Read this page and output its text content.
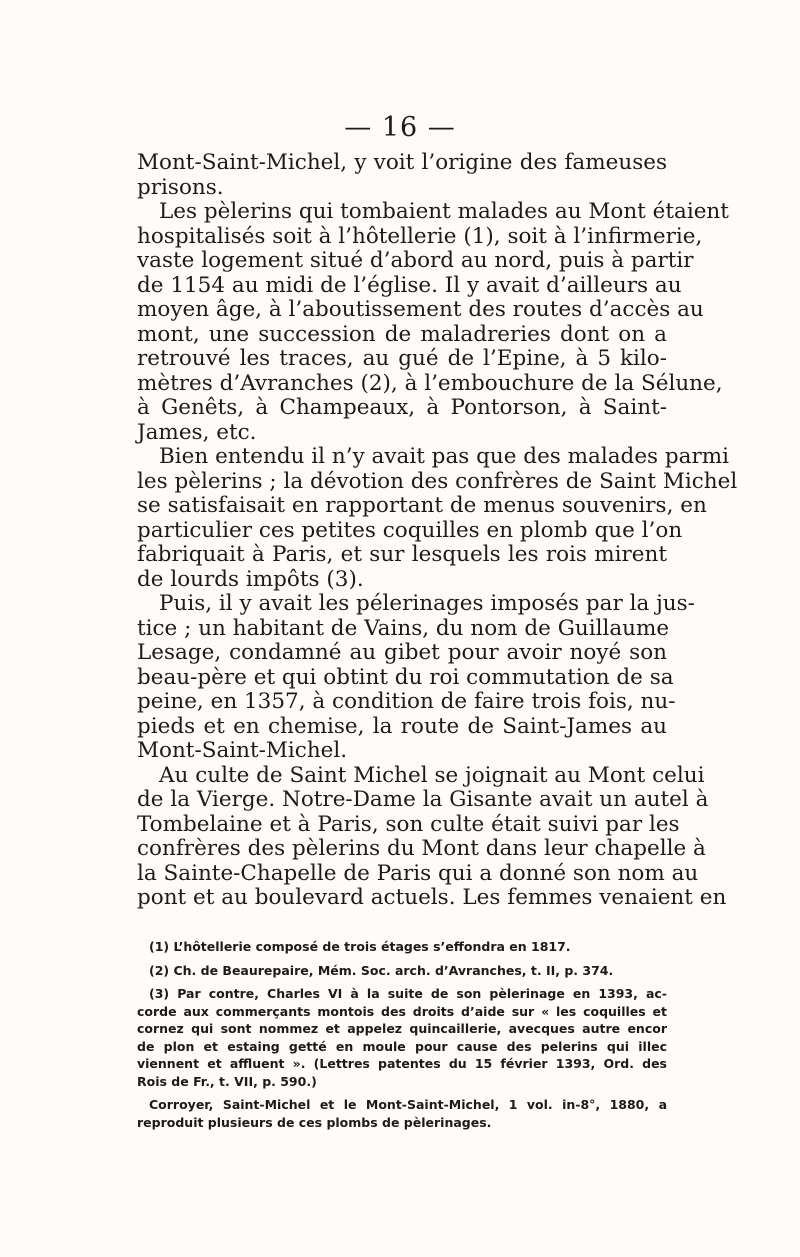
— 16 —
Mont-Saint-Michel, y voit l’origine des fameuses
prisons.
Les pèlerins qui tombaient malades au Mont étaient
hospitalisés soit à l’hôtellerie (1), soit à l’infirmerie,
vaste logement situé d’abord au nord, puis à partir
de 1154 au midi de l’église. Il y avait d’ailleurs au
moyen âge, à l’aboutissement des routes d’accès au
mont, une succession de maladreries dont on a
retrouvé les traces, au gué de l’Epine, à 5 kilo-
mètres d’Avranches (2), à l’embouchure de la Sélune,
à Genêts, à Champeaux, à Pontorson, à Saint-
James, etc.
Bien entendu il n’y avait pas que des malades parmi
les pèlerins ; la dévotion des confrères de Saint Michel
se satisfaisait en rapportant de menus souvenirs, en
particulier ces petites coquilles en plomb que l’on
fabriquait à Paris, et sur lesquels les rois mirent
de lourds impôts (3).
Puis, il y avait les pélerinages imposés par la jus-
tice ; un habitant de Vains, du nom de Guillaume
Lesage, condamné au gibet pour avoir noyé son
beau-père et qui obtint du roi commutation de sa
peine, en 1357, à condition de faire trois fois, nu-
pieds et en chemise, la route de Saint-James au
Mont-Saint-Michel.
Au culte de Saint Michel se joignait au Mont celui
de la Vierge. Notre-Dame la Gisante avait un autel à
Tombelaine et à Paris, son culte était suivi par les
confrères des pèlerins du Mont dans leur chapelle à
la Sainte-Chapelle de Paris qui a donné son nom au
pont et au boulevard actuels. Les femmes venaient en
(1) L’hôtellerie composé de trois étages s’effondra en 1817.
(2) Ch. de Beaurepaire, Mém. Soc. arch. d’Avranches, t. II, p. 374.
(3) Par contre, Charles VI à la suite de son pèlerinage en 1393, ac-
corde aux commerçants montois des droits d’aide sur « les coquilles et
cornez qui sont nommez et appelez quincaillerie, avecques autre encor
de plon et estaing getté en moule pour cause des pelerins qui illec
viennent et affluent ». (Lettres patentes du 15 février 1393, Ord. des
Rois de Fr., t. VII, p. 590.)
Corroyer, Saint-Michel et le Mont-Saint-Michel, 1 vol. in-8°, 1880, a
reproduit plusieurs de ces plombs de pèlerinages.
